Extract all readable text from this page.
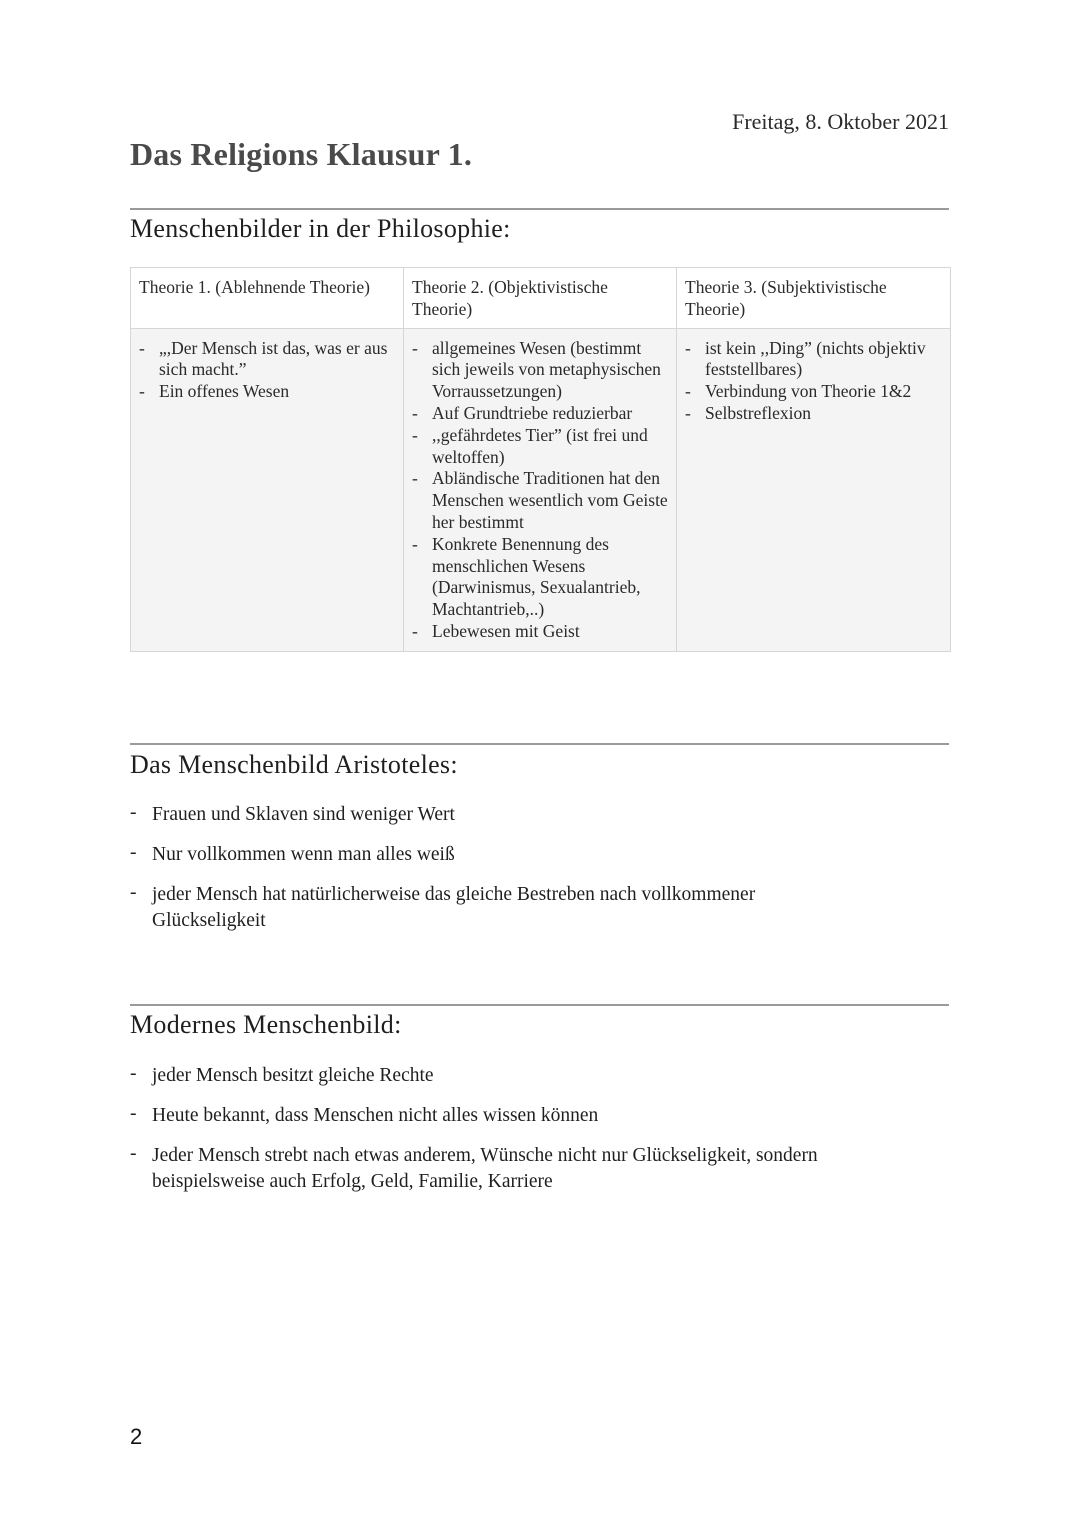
Freitag, 8. Oktober 2021
Das Religions Klausur 1.
Menschenbilder in der Philosophie:
Theorie 1. (Ablehnende Theorie)	Theorie 2. (Objektivistische Theorie)	Theorie 3. (Subjektivistische Theorie)

- „,Der Mensch ist das, was er aus sich macht.”
- Ein offenes Wesen

- allgemeines Wesen (bestimmt sich jeweils von metaphysischen Vorraussetzungen)
- Auf Grundtriebe reduzierbar
- ,,gefährdetes Tier” (ist frei und weltoffen)
- Abländische Traditionen hat den Menschen wesentlich vom Geiste her bestimmt
- Konkrete Benennung des menschlichen Wesens (Darwinismus, Sexualantrieb, Machtantrieb,..)
- Lebewesen mit Geist

- ist kein ,,Ding” (nichts objektiv feststellbares)
- Verbindung von Theorie 1&2
- Selbstreflexion
Das Menschenbild Aristoteles:
- Frauen und Sklaven sind weniger Wert
- Nur vollkommen wenn man alles weiß
- jeder Mensch hat natürlicherweise das gleiche Bestreben nach vollkommener Glückseligkeit
Modernes Menschenbild:
- jeder Mensch besitzt gleiche Rechte
- Heute bekannt, dass Menschen nicht alles wissen können
- Jeder Mensch strebt nach etwas anderem, Wünsche nicht nur Glückseligkeit, sondern beispielsweise auch Erfolg, Geld, Familie, Karriere
2
